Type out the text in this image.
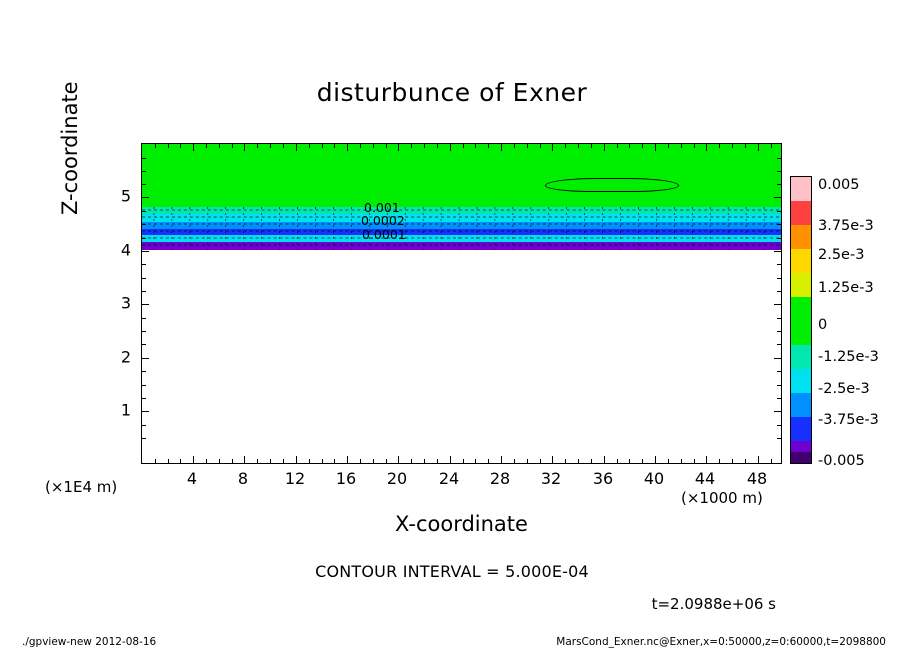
disturbunce of Exner
0.001
0.0002
0.0001
4	8 12 16 20 24 28 32 36 40 44 48
1
2
3
4
5
X-coordinate
Z-coordinate
(×1000 m)
(×1E4 m)
0.005
3.75e-3
2.5e-3
1.25e-3
0
-1.25e-3
-2.5e-3
-3.75e-3
-0.005
CONTOUR INTERVAL = 5.000E-04
t=2.0988e+06 s
./gpview-new 2012-08-16	MarsCond_Exner.nc@Exner,x=0:50000,z=0:60000,t=2098800
